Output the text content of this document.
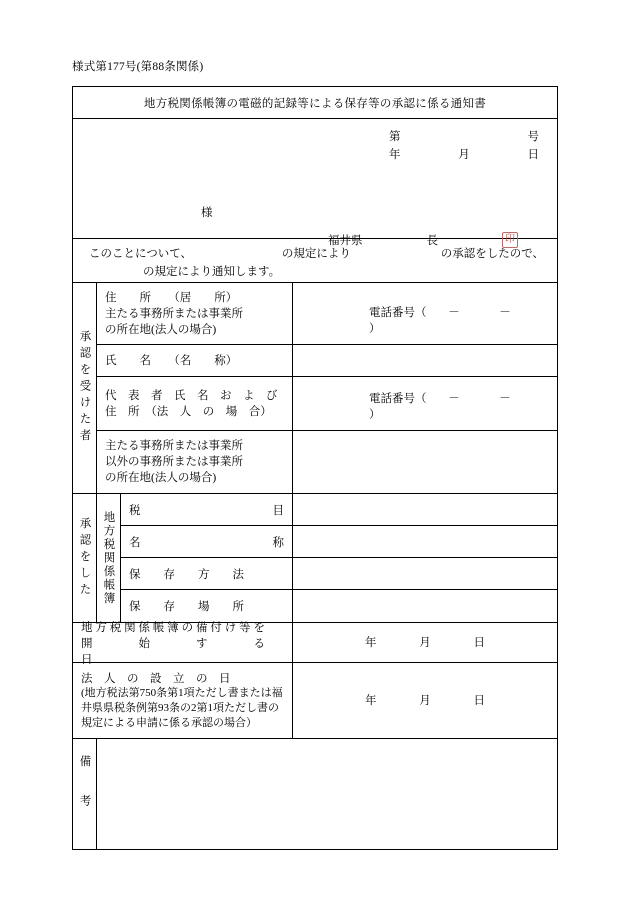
様式第177号(第88条関係)
地方税関係帳簿の電磁的記録等による保存等の承認に係る通知書
第	号
年	月	日
様
福井県	長	印
このことについて、	の規定により	の承認をしたので、
の規定により通知します。
承認を受けた者
住　　所　　（居　　所）
主たる事務所または事業所
の所在地(法人の場合)
電話番号（ －　－）
氏　　名　　（名　　称）
代　表　者　氏　名　お　よ　び
住　所　（法　人　の　場　合）
電話番号（ －　－）
主たる事務所または事業所
以外の事務所または事業所
の所在地(法人の場合)
承認をした	地方税関係帳簿
税	目
名	称
保　　存　　方　　法
保　　存　　場　　所
地 方 税 関 係 帳 簿 の 備 付 け 等 を
開　　　　始　　　　す　　　　る　　　　日
年	月	日
法　人　の　設　立　の　日
(地方税法第750条第1項ただし書または福井県県税条例第93条の2第1項ただし書の規定による申請に係る承認の場合）
年	月	日
備考
